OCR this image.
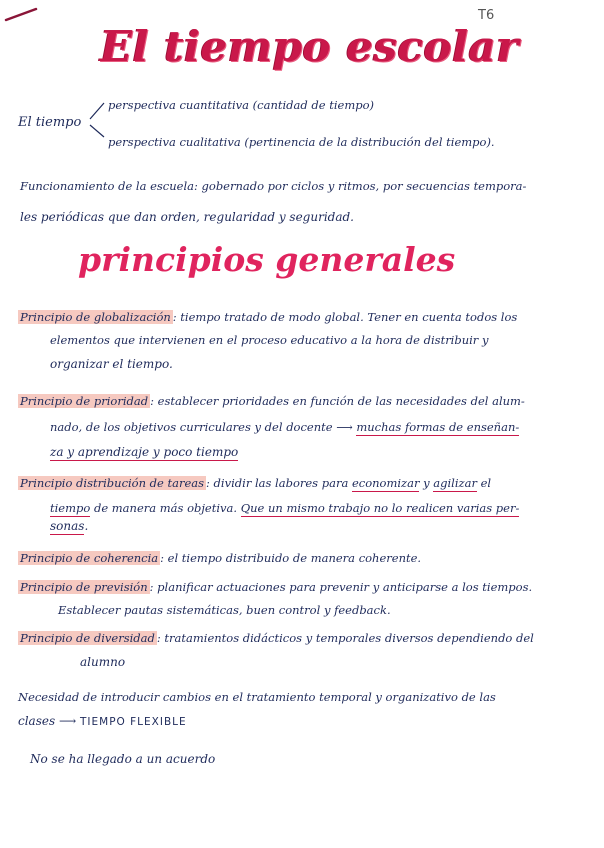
T6
El tiempo escolar
El tiempo
perspectiva cuantitativa (cantidad de tiempo)
perspectiva cualitativa (pertinencia de la distribución del tiempo).
Funcionamiento de la escuela: gobernado por ciclos y ritmos, por secuencias tempora-
les periódicas que dan orden, regularidad y seguridad.
principios generales
Principio de globalización : tiempo tratado de modo global. Tener en cuenta todos los
elementos que intervienen en el proceso educativo a la hora de distribuir y
organizar el tiempo.
Principio de prioridad : establecer prioridades en función de las necesidades del alum-
nado, de los objetivos curriculares y del docente ⟶ muchas formas de enseñan-
za y aprendizaje y poco tiempo
Principio distribución de tareas : dividir las labores para economizar y agilizar el
tiempo de manera más objetiva. Que un mismo trabajo no lo realicen varias per-
sonas.
Principio de coherencia : el tiempo distribuido de manera coherente.
Principio de previsión : planificar actuaciones para prevenir y anticiparse a los tiempos.
Establecer pautas sistemáticas, buen control y feedback.
Principio de diversidad : tratamientos didácticos y temporales diversos dependiendo del
alumno
Necesidad de introducir cambios en el tratamiento temporal y organizativo de las
clases ⟶ TIEMPO FLEXIBLE
No se ha llegado a un acuerdo
